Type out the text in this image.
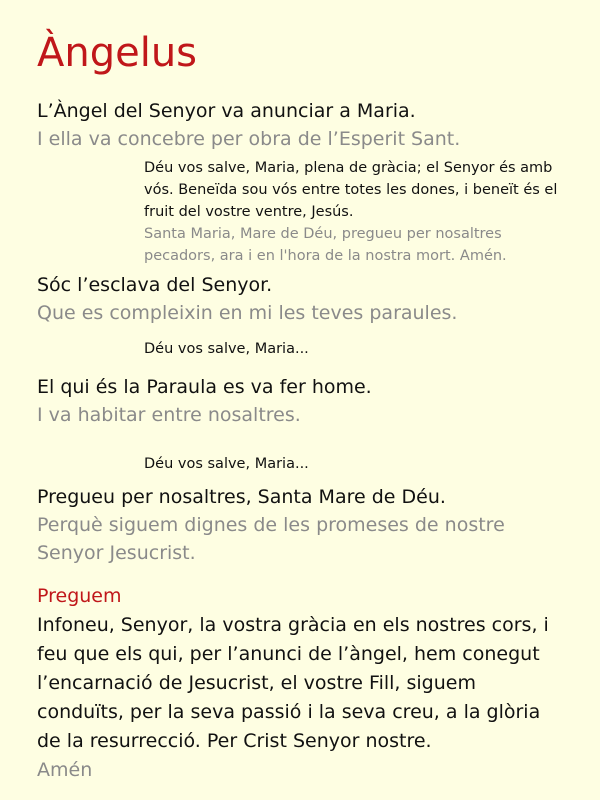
Àngelus
L’Àngel del Senyor va anunciar a Maria.
I ella va concebre per obra de l’Esperit Sant.
Déu vos salve, Maria, plena de gràcia; el Senyor és amb vós. Beneïda sou vós entre totes les dones, i beneït és el fruit del vostre ventre, Jesús.
Santa Maria, Mare de Déu, pregueu per nosaltres pecadors, ara i en l'hora de la nostra mort. Amén.
Sóc l’esclava del Senyor.
Que es compleixin en mi les teves paraules.
Déu vos salve, Maria...
El qui és la Paraula es va fer home.
I va habitar entre nosaltres.
Déu vos salve, Maria...
Pregueu per nosaltres, Santa Mare de Déu.
Perquè siguem dignes de les promeses de nostre Senyor Jesucrist.
Preguem
Infoneu, Senyor, la vostra gràcia en els nostres cors, i feu que els qui, per l’anunci de l’àngel, hem conegut l’encarnació de Jesucrist, el vostre Fill, siguem conduïts, per la seva passió i la seva creu, a la glòria de la resurrecció. Per Crist Senyor nostre.
Amén
